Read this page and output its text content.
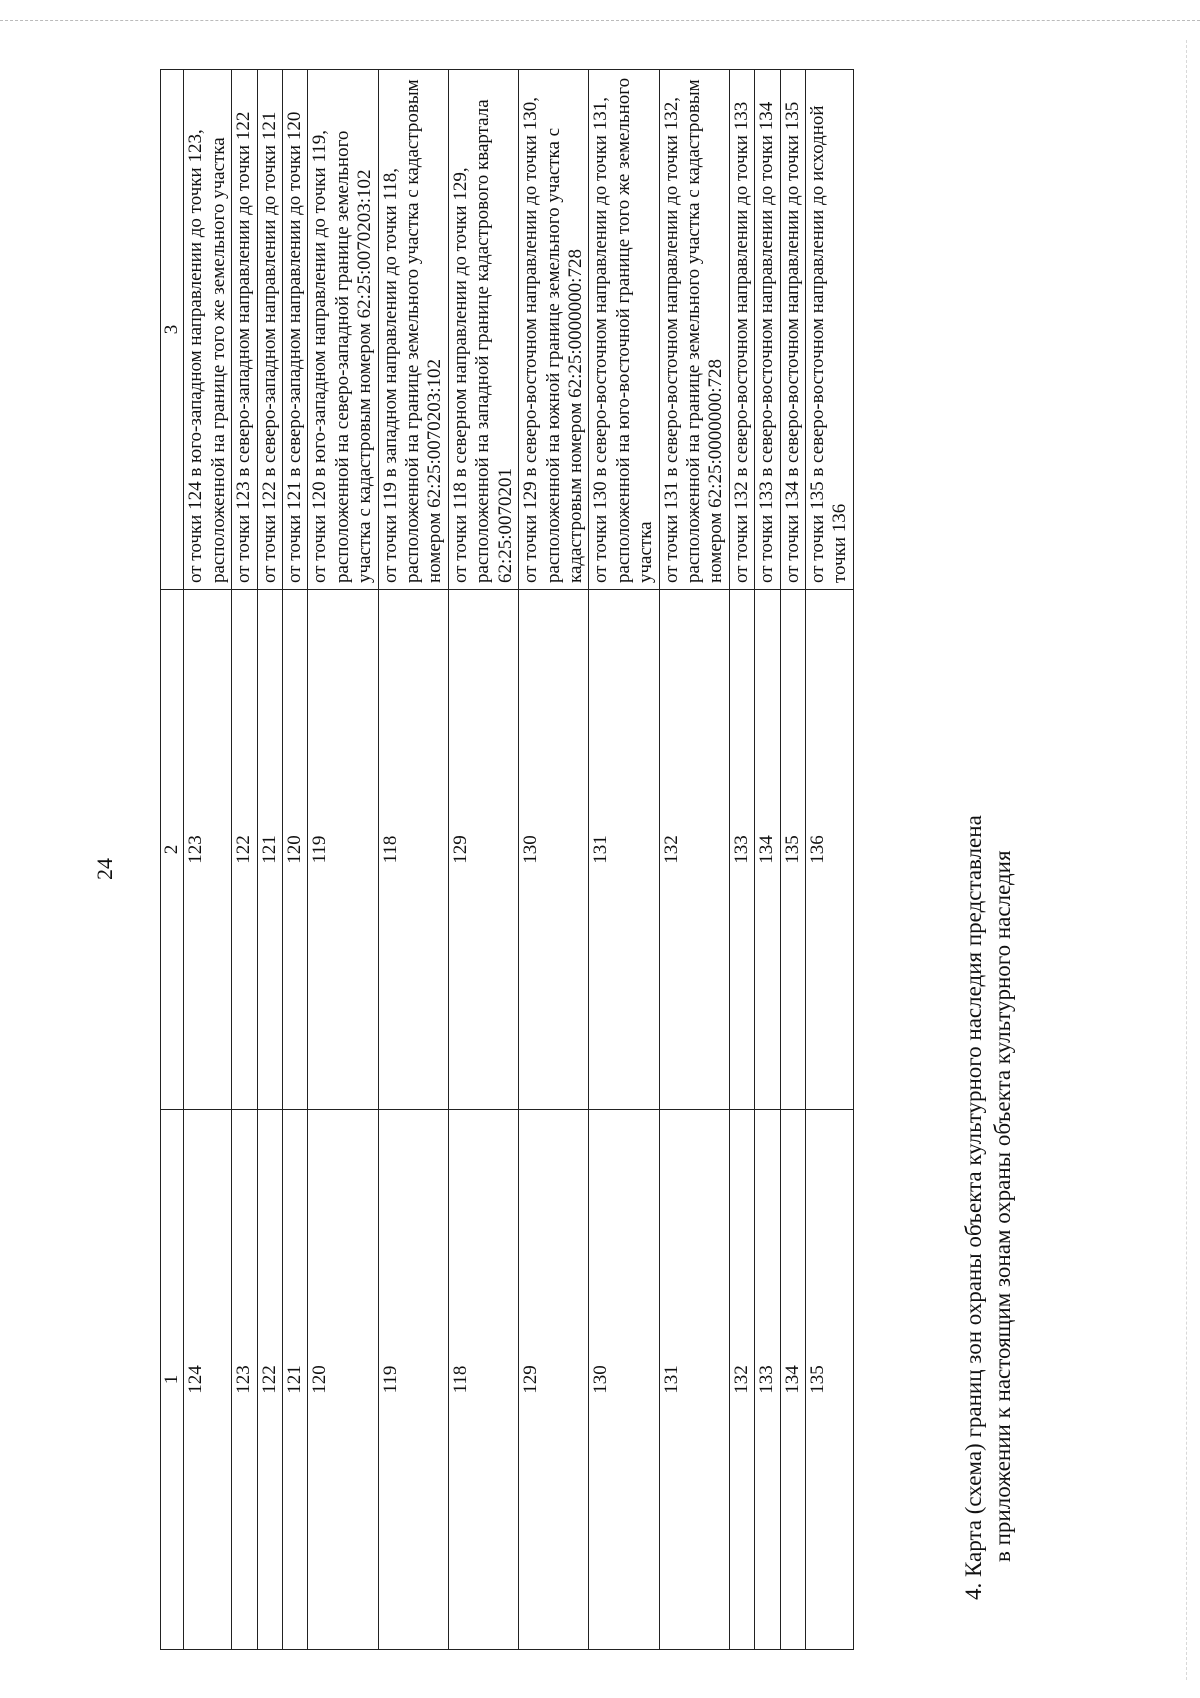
24
1	2	3
124	123	от точки 124 в юго-западном направлении до точки 123, расположенной на границе того же земельного участка
123	122	от точки 123 в северо-западном направлении до точки 122
122	121	от точки 122 в северо-западном направлении до точки 121
121	120	от точки 121 в северо-западном направлении до точки 120
120	119	от точки 120 в юго-западном направлении до точки 119, расположенной на северо-западной границе земельного участка с кадастровым номером 62:25:0070203:102
119	118	от точки 119 в западном направлении до точки 118, расположенной на границе земельного участка с кадастровым номером 62:25:0070203:102
118	129	от точки 118 в северном направлении до точки 129, расположенной на западной границе кадастрового квартала 62:25:0070201
129	130	от точки 129 в северо-восточном направлении до точки 130, расположенной на южной границе земельного участка с кадастровым номером 62:25:0000000:728
130	131	от точки 130 в северо-восточном направлении до точки 131, расположенной на юго-восточной границе того же земельного участка
131	132	от точки 131 в северо-восточном направлении до точки 132, расположенной на границе земельного участка с кадастровым номером 62:25:0000000:728
132	133	от точки 132 в северо-восточном направлении до точки 133
133	134	от точки 133 в северо-восточном направлении до точки 134
134	135	от точки 134 в северо-восточном направлении до точки 135
135	136	от точки 135 в северо-восточном направлении до исходной точки 136
4. Карта (схема) границ зон охраны объекта культурного наследия представлена в приложении к настоящим зонам охраны объекта культурного наследия
